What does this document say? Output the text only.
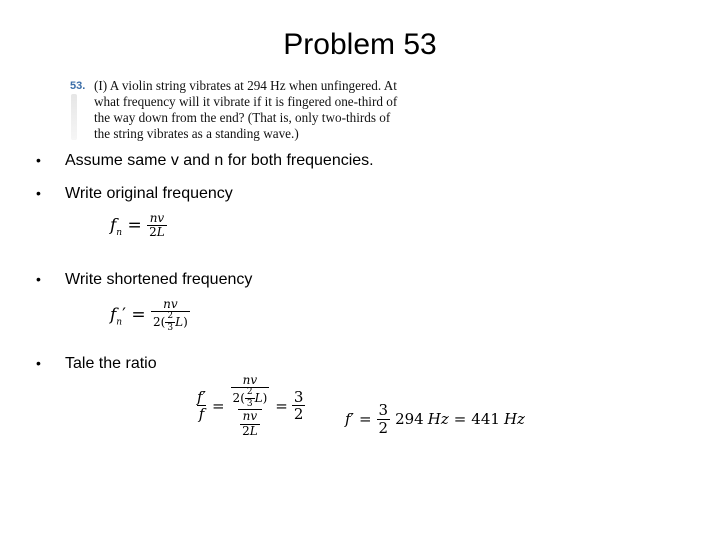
Problem 53
53. (I) A violin string vibrates at 294 Hz when unfingered. At
what frequency will it vibrate if it is fingered one-third of
the way down from the end? (That is, only two-thirds of
the string vibrates as a standing wave.)
• Assume same v and n for both frequencies.
• Write original frequency
• Write shortened frequency
• Tale the ratio
$f_n = \frac{nv}{2L}$
$f_n' = \frac{nv}{2( \frac{2}{3} L)}$
$\frac{f'}{f} = \frac{\frac{nv}{2( \frac{2}{3} L)}}{\frac{nv}{2L}} = \frac{3}{2}$	f ′ = $\frac{3}{2} 294$ Hz = 441 Hz
